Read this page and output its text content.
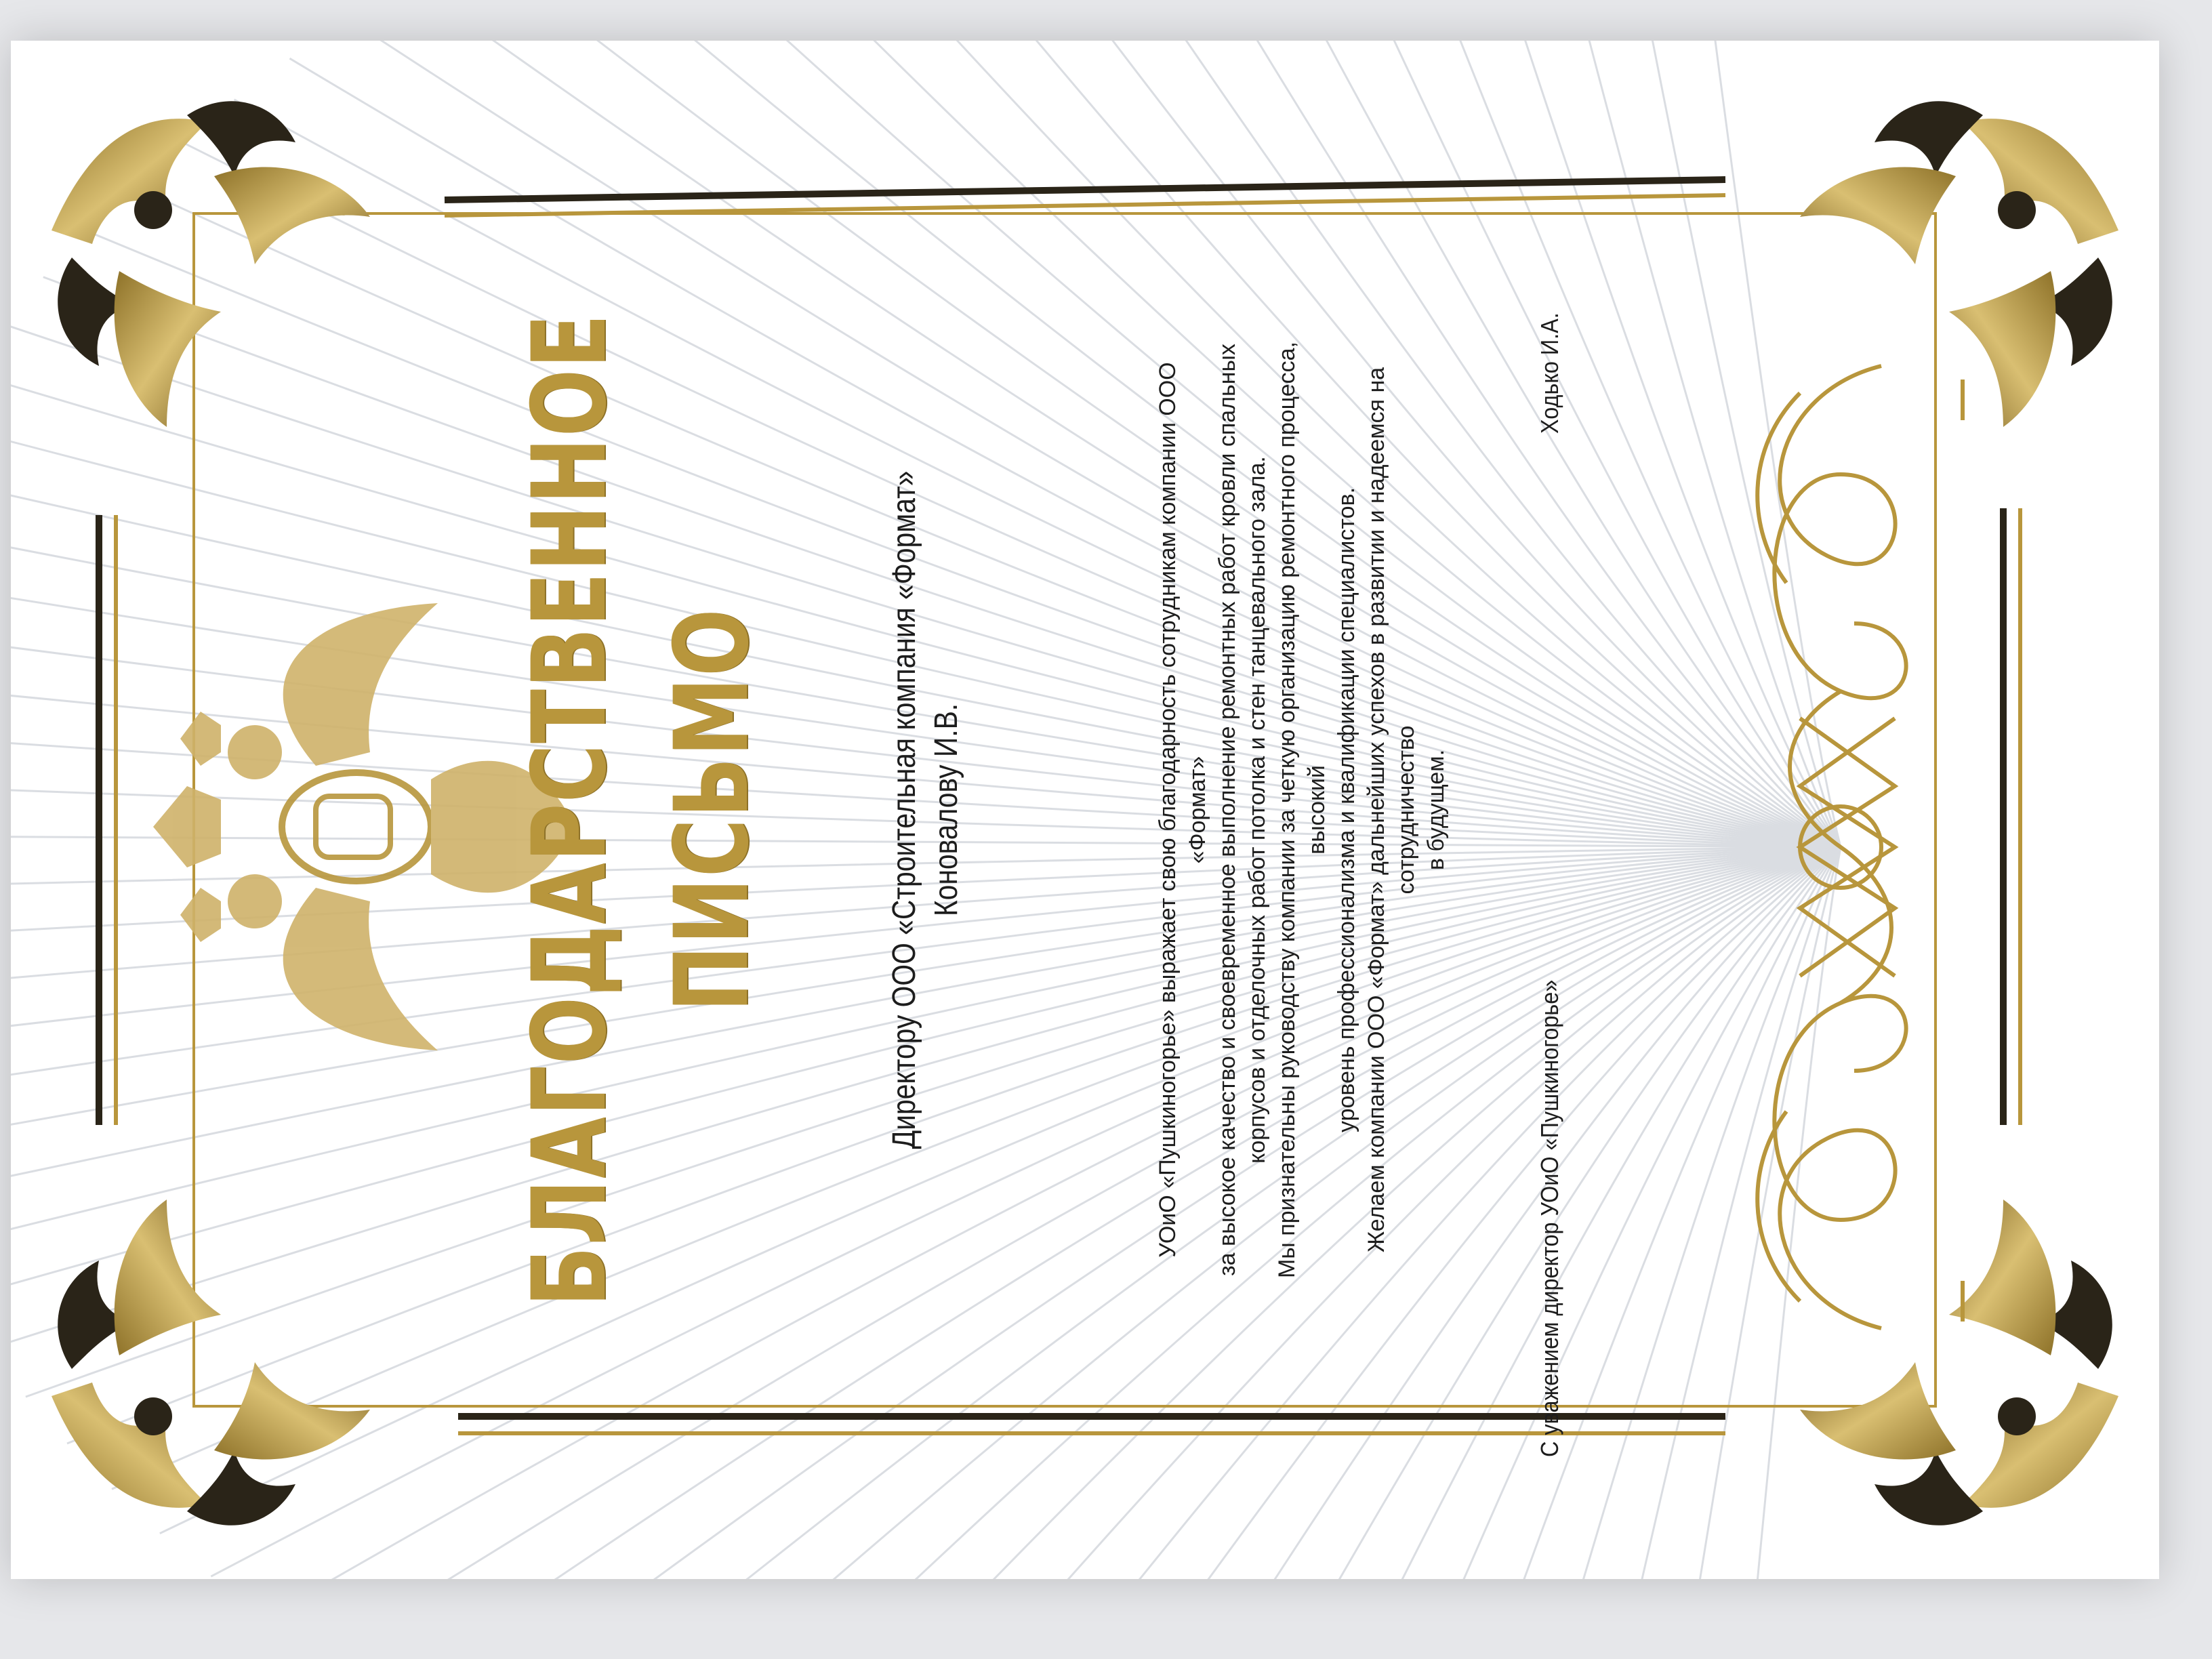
БЛАГОДАРСТВЕННОЕ ПИСЬМО	Директору ООО «Строительная компания «Формат» Коновалову И.В.	УОиО «Пушкиногорье» выражает свою благодарность сотрудникам компании ООО «Формат» за высокое качество и своевременное выполнение ремонтных работ кровли спальных корпусов и отделочных работ потолка и стен танцевального зала. Мы признательны руководству компании за четкую организацию ремонтного процесса, высокий уровень профессионализма и квалификации специалистов. Желаем компании ООО «Формат» дальнейших успехов в развитии и надеемся на сотрудничество в будущем.

С уважением директор УОиО «Пушкиногорье»
Ходько И.А.
